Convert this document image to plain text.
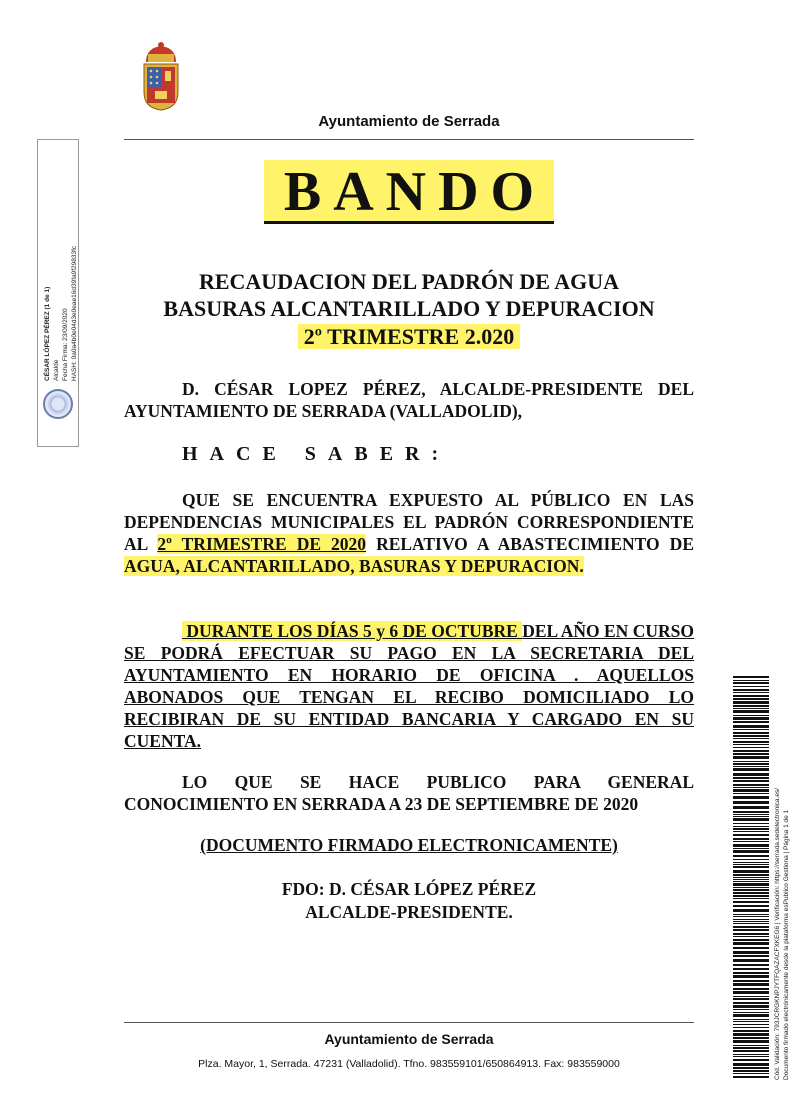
Ayuntamiento de Serrada
BANDO
RECAUDACION DEL PADRÓN DE AGUA
BASURAS ALCANTARILLADO Y DEPURACION
2º TRIMESTRE 2.020
D. CÉSAR LOPEZ PÉREZ, ALCALDE-PRESIDENTE DEL AYUNTAMIENTO DE SERRADA (VALLADOLID),
HACE SABER:
QUE SE ENCUENTRA EXPUESTO AL PÚBLICO EN LAS DEPENDENCIAS MUNICIPALES EL PADRÓN CORRESPONDIENTE AL 2º TRIMESTRE DE 2020 RELATIVO A ABASTECIMIENTO DE AGUA, ALCANTARILLADO, BASURAS Y DEPURACION.
DURANTE LOS DÍAS 5 y 6 DE OCTUBRE DEL AÑO EN CURSO SE PODRÁ EFECTUAR SU PAGO EN LA SECRETARIA DEL AYUNTAMIENTO EN HORARIO DE OFICINA . AQUELLOS ABONADOS QUE TENGAN EL RECIBO DOMICILIADO LO RECIBIRAN DE SU ENTIDAD BANCARIA Y CARGADO EN SU CUENTA.
LO QUE SE HACE PUBLICO PARA GENERAL CONOCIMIENTO EN SERRADA A 23 DE SEPTIEMBRE DE 2020
(DOCUMENTO FIRMADO ELECTRONICAMENTE)
FDO: D. CÉSAR LÓPEZ PÉREZ
ALCALDE-PRESIDENTE.
Ayuntamiento de Serrada
Plza. Mayor, 1, Serrada. 47231 (Valladolid). Tfno. 983559101/650864913. Fax: 983559000
CÉSAR LÓPEZ PÉREZ (1 de 1) Alcalde Fecha Firma: 23/09/2020 HASH: 0a0a4b0e04d3e0eae16d39fa9f29833fc
Cód. Validación: 793JCRGKNPJYTFQAZACFXKEG6 | Verificación: https://serrada.sedelectronica.es/ Documento firmado electrónicamente desde la plataforma esPublico Gestiona | Página 1 de 1
